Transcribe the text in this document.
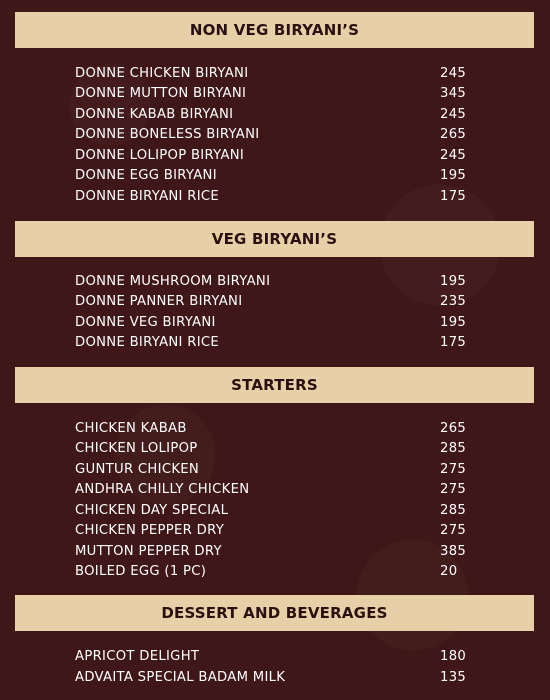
NON VEG BIRYANI’S
DONNE CHICKEN BIRYANI	245
DONNE MUTTON BIRYANI	345
DONNE KABAB BIRYANI	245
DONNE BONELESS BIRYANI	265
DONNE LOLIPOP BIRYANI	245
DONNE EGG BIRYANI	195
DONNE BIRYANI RICE	175
VEG BIRYANI’S
DONNE MUSHROOM BIRYANI	195
DONNE PANNER BIRYANI	235
DONNE VEG BIRYANI	195
DONNE BIRYANI RICE	175
STARTERS
CHICKEN KABAB	265
CHICKEN LOLIPOP	285
GUNTUR CHICKEN	275
ANDHRA CHILLY CHICKEN	275
CHICKEN DAY SPECIAL	285
CHICKEN PEPPER DRY	275
MUTTON PEPPER DRY	385
BOILED EGG (1 PC)	20
DESSERT AND BEVERAGES
APRICOT DELIGHT	180
ADVAITA SPECIAL BADAM MILK	135
